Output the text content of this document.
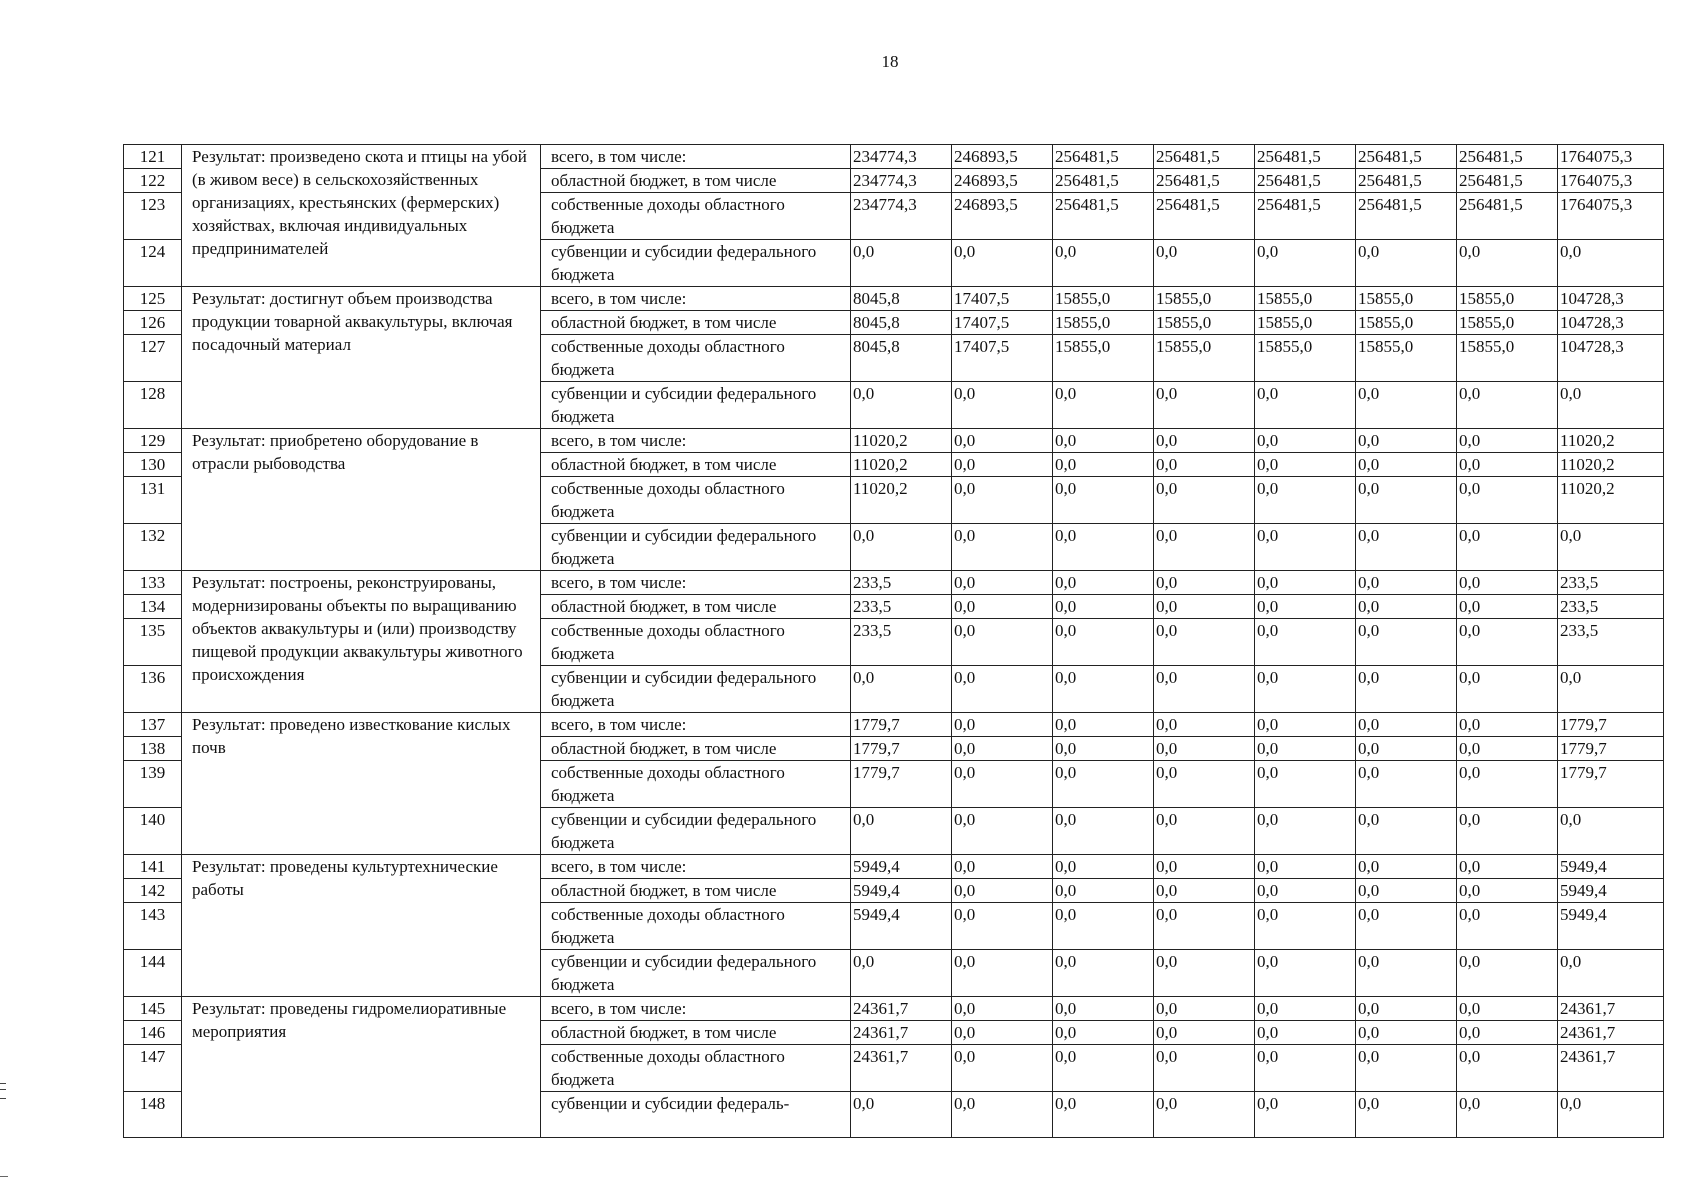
18
121	Результат: произведено скота и птицы на убой (в живом весе) в сельскохозяйственных организациях, крестьянских (фермерских) хозяйствах, включая индивидуальных предпринимателей	всего, в том числе:	234774,3	246893,5	256481,5	256481,5	256481,5	256481,5	256481,5	1764075,3
122		областной бюджет, в том числе	234774,3	246893,5	256481,5	256481,5	256481,5	256481,5	256481,5	1764075,3
123		собственные доходы областного бюджета	234774,3	246893,5	256481,5	256481,5	256481,5	256481,5	256481,5	1764075,3
124		субвенции и субсидии федерального бюджета	0,0	0,0	0,0	0,0	0,0	0,0	0,0	0,0
125	Результат: достигнут объем производства продукции товарной аквакультуры, включая посадочный материал	всего, в том числе:	8045,8	17407,5	15855,0	15855,0	15855,0	15855,0	15855,0	104728,3
126		областной бюджет, в том числе	8045,8	17407,5	15855,0	15855,0	15855,0	15855,0	15855,0	104728,3
127		собственные доходы областного бюджета	8045,8	17407,5	15855,0	15855,0	15855,0	15855,0	15855,0	104728,3
128		субвенции и субсидии федерального бюджета	0,0	0,0	0,0	0,0	0,0	0,0	0,0	0,0
129	Результат: приобретено оборудование в отрасли рыбоводства	всего, в том числе:	11020,2	0,0	0,0	0,0	0,0	0,0	0,0	11020,2
130		областной бюджет, в том числе	11020,2	0,0	0,0	0,0	0,0	0,0	0,0	11020,2
131		собственные доходы областного бюджета	11020,2	0,0	0,0	0,0	0,0	0,0	0,0	11020,2
132		субвенции и субсидии федерального бюджета	0,0	0,0	0,0	0,0	0,0	0,0	0,0	0,0
133	Результат: построены, реконструированы, модернизированы объекты по выращиванию объектов аквакультуры и (или) производству пищевой продукции аквакультуры животного происхождения	всего, в том числе:	233,5	0,0	0,0	0,0	0,0	0,0	0,0	233,5
134		областной бюджет, в том числе	233,5	0,0	0,0	0,0	0,0	0,0	0,0	233,5
135		собственные доходы областного бюджета	233,5	0,0	0,0	0,0	0,0	0,0	0,0	233,5
136		субвенции и субсидии федерального бюджета	0,0	0,0	0,0	0,0	0,0	0,0	0,0	0,0
137	Результат: проведено известкование кислых почв	всего, в том числе:	1779,7	0,0	0,0	0,0	0,0	0,0	0,0	1779,7
138		областной бюджет, в том числе	1779,7	0,0	0,0	0,0	0,0	0,0	0,0	1779,7
139		собственные доходы областного бюджета	1779,7	0,0	0,0	0,0	0,0	0,0	0,0	1779,7
140		субвенции и субсидии федерального бюджета	0,0	0,0	0,0	0,0	0,0	0,0	0,0	0,0
141	Результат: проведены культуртехнические работы	всего, в том числе:	5949,4	0,0	0,0	0,0	0,0	0,0	0,0	5949,4
142		областной бюджет, в том числе	5949,4	0,0	0,0	0,0	0,0	0,0	0,0	5949,4
143		собственные доходы областного бюджета	5949,4	0,0	0,0	0,0	0,0	0,0	0,0	5949,4
144		субвенции и субсидии федерального бюджета	0,0	0,0	0,0	0,0	0,0	0,0	0,0	0,0
145	Результат: проведены гидромелиоративные мероприятия	всего, в том числе:	24361,7	0,0	0,0	0,0	0,0	0,0	0,0	24361,7
146		областной бюджет, в том числе	24361,7	0,0	0,0	0,0	0,0	0,0	0,0	24361,7
147		собственные доходы областного бюджета	24361,7	0,0	0,0	0,0	0,0	0,0	0,0	24361,7
148		субвенции и субсидии федераль-	0,0	0,0	0,0	0,0	0,0	0,0	0,0	0,0
